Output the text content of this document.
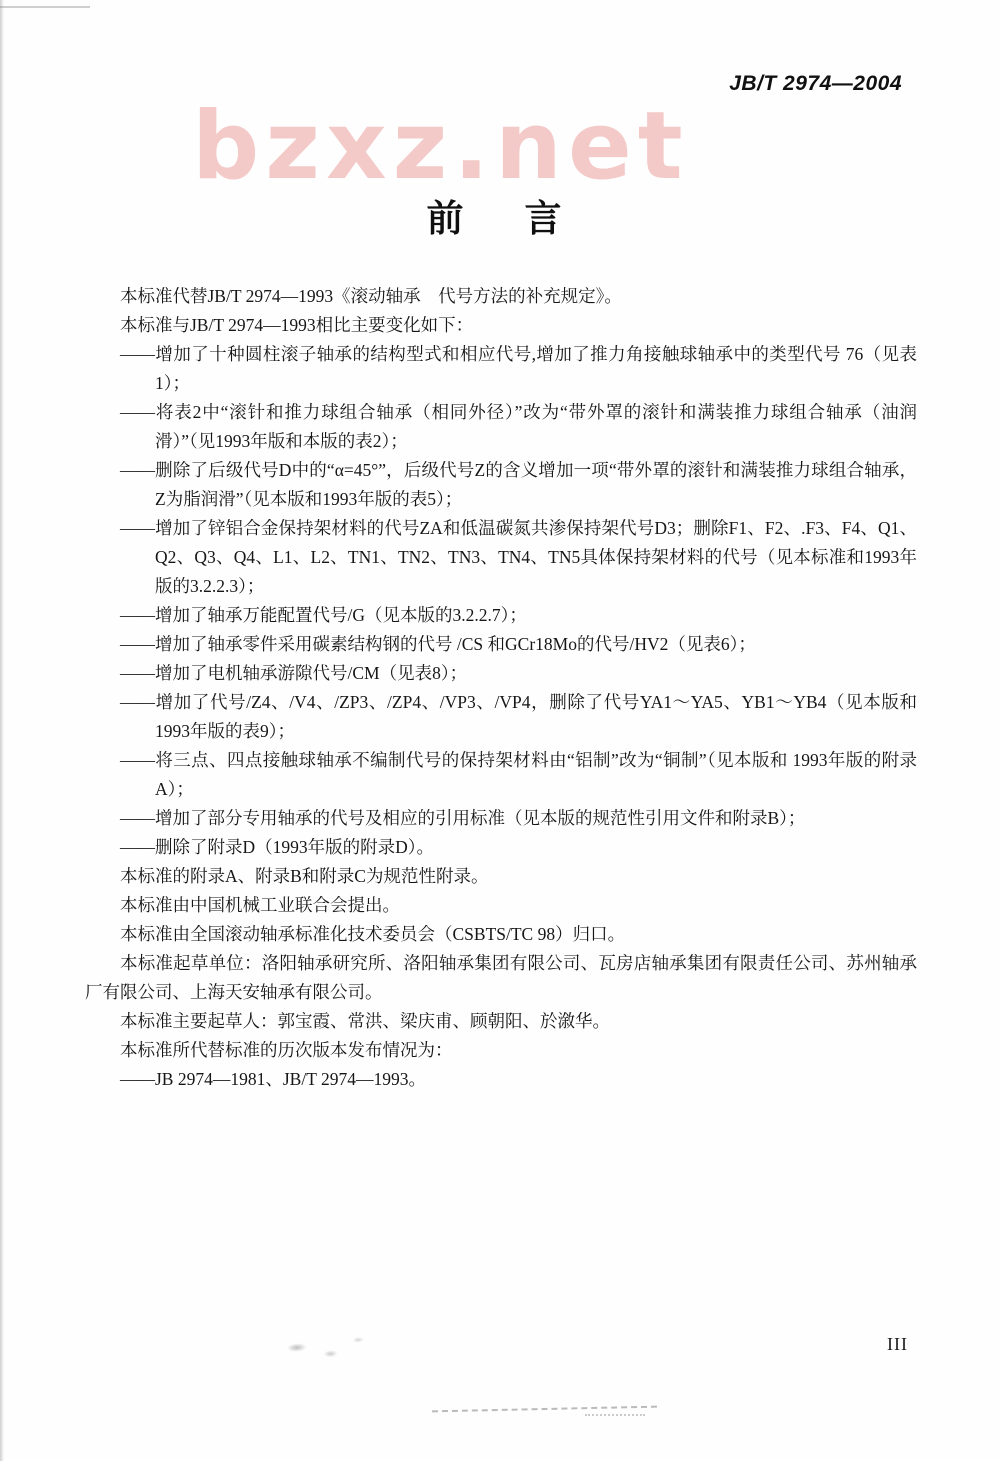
JB/T 2974—2004
bzxz.net
前　言

本标准代替JB/T 2974—1993《滚动轴承　代号方法的补充规定》。

本标准与JB/T 2974—1993相比主要变化如下：

——增加了十种圆柱滚子轴承的结构型式和相应代号,增加了推力角接触球轴承中的类型代号 76（见表1）；

——将表2中“滚针和推力球组合轴承（相同外径）”改为“带外罩的滚针和满装推力球组合轴承（油润滑）”（见1993年版和本版的表2）；

——删除了后级代号D中的“α=45°”，后级代号Z的含义增加一项“带外罩的滚针和满装推力球组合轴承，Z为脂润滑”（见本版和1993年版的表5）；

——增加了锌铝合金保持架材料的代号ZA和低温碳氮共渗保持架代号D3；删除F1、F2、.F3、F4、Q1、Q2、Q3、Q4、L1、L2、TN1、TN2、TN3、TN4、TN5具体保持架材料的代号（见本标准和1993年版的3.2.2.3）；

——增加了轴承万能配置代号/G（见本版的3.2.2.7）；

——增加了轴承零件采用碳素结构钢的代号 /CS 和GCr18Mo的代号/HV2（见表6）；

——增加了电机轴承游隙代号/CM（见表8）；

——增加了代号/Z4、/V4、/ZP3、/ZP4、/VP3、/VP4，删除了代号YA1～YA5、YB1～YB4（见本版和1993年版的表9）；

——将三点、四点接触球轴承不编制代号的保持架材料由“铝制”改为“铜制”（见本版和 1993年版的附录A）；

——增加了部分专用轴承的代号及相应的引用标准（见本版的规范性引用文件和附录B）；

——删除了附录D（1993年版的附录D）。

本标准的附录A、附录B和附录C为规范性附录。

本标准由中国机械工业联合会提出。

本标准由全国滚动轴承标准化技术委员会（CSBTS/TC 98）归口。

本标准起草单位：洛阳轴承研究所、洛阳轴承集团有限公司、瓦房店轴承集团有限责任公司、苏州轴承厂有限公司、上海天安轴承有限公司。

本标准主要起草人：郭宝霞、常洪、梁庆甫、顾朝阳、於漵华。

本标准所代替标准的历次版本发布情况为：

——JB 2974—1981、JB/T 2974—1993。

III
